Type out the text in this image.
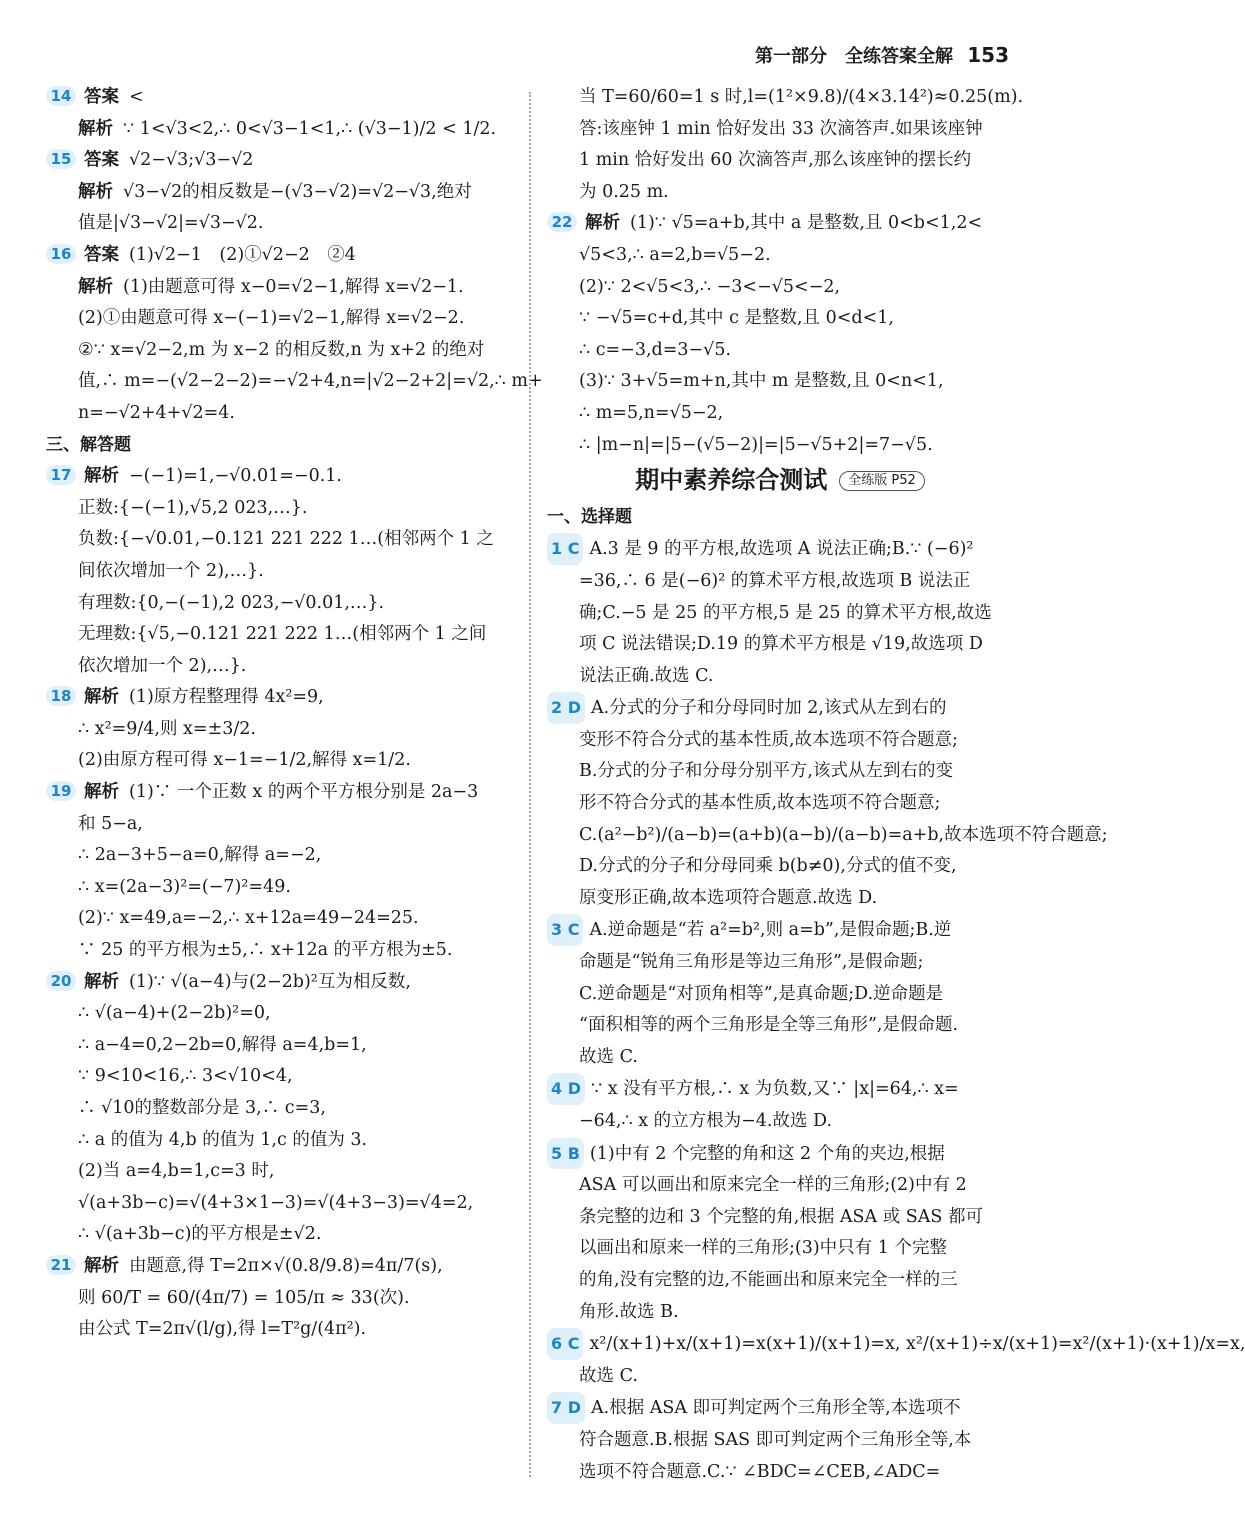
第一部分　全练答案全解 153
14 答案 <
解析 ∵ 1<√3<2,∴ 0<√3−1<1,∴ (√3−1)/2 < 1/2.
15 答案 √2−√3;√3−√2
解析 √3−√2的相反数是−(√3−√2)=√2−√3,绝对
值是|√3−√2|=√3−√2.
16 答案 (1)√2−1　(2)①√2−2　②4
解析 (1)由题意可得 x−0=√2−1,解得 x=√2−1.
(2)①由题意可得 x−(−1)=√2−1,解得 x=√2−2.
②∵ x=√2−2,m 为 x−2 的相反数,n 为 x+2 的绝对
值,∴ m=−(√2−2−2)=−√2+4,n=|√2−2+2|=√2,∴ m+
n=−√2+4+√2=4.
三、解答题
17 解析 −(−1)=1,−√0.01=−0.1.
正数:{−(−1),√5,2 023,…}.
负数:{−√0.01,−0.121 221 222 1…(相邻两个 1 之
间依次增加一个 2),…}.
有理数:{0,−(−1),2 023,−√0.01,…}.
无理数:{√5,−0.121 221 222 1…(相邻两个 1 之间
依次增加一个 2),…}.
18 解析 (1)原方程整理得 4x²=9,
∴ x²=9/4,则 x=±3/2.
(2)由原方程可得 x−1=−1/2,解得 x=1/2.
19 解析 (1)∵ 一个正数 x 的两个平方根分别是 2a−3
和 5−a,
∴ 2a−3+5−a=0,解得 a=−2,
∴ x=(2a−3)²=(−7)²=49.
(2)∵ x=49,a=−2,∴ x+12a=49−24=25.
∵ 25 的平方根为±5,∴ x+12a 的平方根为±5.
20 解析 (1)∵ √(a−4)与(2−2b)²互为相反数,
∴ √(a−4)+(2−2b)²=0,
∴ a−4=0,2−2b=0,解得 a=4,b=1,
∵ 9<10<16,∴ 3<√10<4,
∴ √10的整数部分是 3,∴ c=3,
∴ a 的值为 4,b 的值为 1,c 的值为 3.
(2)当 a=4,b=1,c=3 时,
√(a+3b−c)=√(4+3×1−3)=√(4+3−3)=√4=2,
∴ √(a+3b−c)的平方根是±√2.
21 解析 由题意,得 T=2π×√(0.8/9.8)=4π/7(s),
则 60/T = 60/(4π/7) = 105/π ≈ 33(次).
由公式 T=2π√(l/g),得 l=T²g/(4π²).
当 T=60/60=1 s 时,l=(1²×9.8)/(4×3.14²)≈0.25(m).
答:该座钟 1 min 恰好发出 33 次滴答声.如果该座钟
1 min 恰好发出 60 次滴答声,那么该座钟的摆长约
为 0.25 m.
22 解析 (1)∵ √5=a+b,其中 a 是整数,且 0<b<1,2<
√5<3,∴ a=2,b=√5−2.
(2)∵ 2<√5<3,∴ −3<−√5<−2,
∵ −√5=c+d,其中 c 是整数,且 0<d<1,
∴ c=−3,d=3−√5.
(3)∵ 3+√5=m+n,其中 m 是整数,且 0<n<1,
∴ m=5,n=√5−2,
∴ |m−n|=|5−(√5−2)|=|5−√5+2|=7−√5.
期中素养综合测试 全练版 P52
一、选择题
1 C A.3 是 9 的平方根,故选项 A 说法正确;B.∵ (−6)²
=36,∴ 6 是(−6)² 的算术平方根,故选项 B 说法正
确;C.−5 是 25 的平方根,5 是 25 的算术平方根,故选
项 C 说法错误;D.19 的算术平方根是 √19,故选项 D
说法正确.故选 C.
2 D A.分式的分子和分母同时加 2,该式从左到右的
变形不符合分式的基本性质,故本选项不符合题意;
B.分式的分子和分母分别平方,该式从左到右的变
形不符合分式的基本性质,故本选项不符合题意;
C.(a²−b²)/(a−b)=(a+b)(a−b)/(a−b)=a+b,故本选项不符合题意;
D.分式的分子和分母同乘 b(b≠0),分式的值不变,
原变形正确,故本选项符合题意.故选 D.
3 C A.逆命题是“若 a²=b²,则 a=b”,是假命题;B.逆
命题是“锐角三角形是等边三角形”,是假命题;
C.逆命题是“对顶角相等”,是真命题;D.逆命题是
“面积相等的两个三角形是全等三角形”,是假命题.
故选 C.
4 D ∵ x 没有平方根,∴ x 为负数,又∵ |x|=64,∴ x=
−64,∴ x 的立方根为−4.故选 D.
5 B (1)中有 2 个完整的角和这 2 个角的夹边,根据
ASA 可以画出和原来完全一样的三角形;(2)中有 2
条完整的边和 3 个完整的角,根据 ASA 或 SAS 都可
以画出和原来一样的三角形;(3)中只有 1 个完整
的角,没有完整的边,不能画出和原来完全一样的三
角形.故选 B.
6 C x²/(x+1)+x/(x+1)=x(x+1)/(x+1)=x, x²/(x+1)÷x/(x+1)=x²/(x+1)·(x+1)/x=x,
故选 C.
7 D A.根据 ASA 即可判定两个三角形全等,本选项不
符合题意.B.根据 SAS 即可判定两个三角形全等,本
选项不符合题意.C.∵ ∠BDC=∠CEB,∠ADC=
